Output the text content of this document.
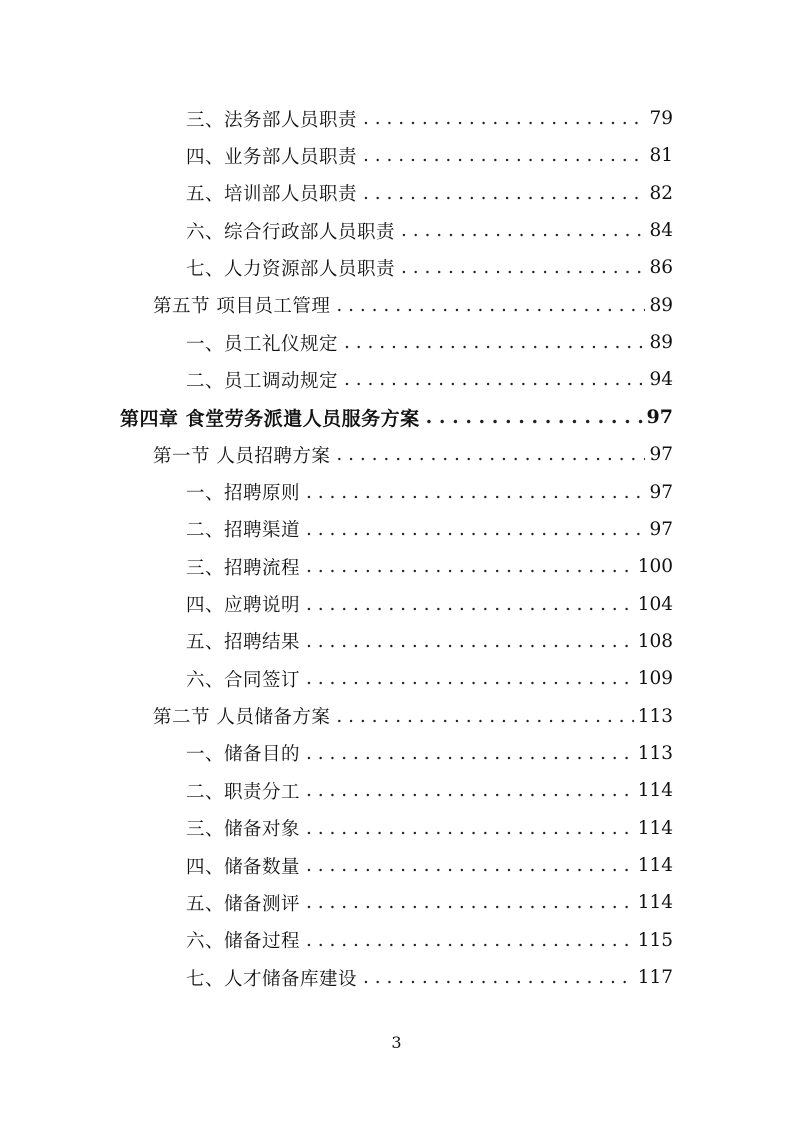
三、法务部人员职责 . . .	79
四、业务部人员职责 . . .	81
五、培训部人员职责 . . .	82
六、综合行政部人员职责 . . .	84
七、人力资源部人员职责 . . .	86
第五节 项目员工管理 . . .	89
一、员工礼仪规定 . . .	89
二、员工调动规定 . . .	94
第四章 食堂劳务派遣人员服务方案 . . .	97
第一节 人员招聘方案 . . .	97
一、招聘原则 . . .	97
二、招聘渠道 . . .	97
三、招聘流程 . . .	100
四、应聘说明 . . .	104
五、招聘结果 . . .	108
六、合同签订 . . .	109
第二节 人员储备方案 . . .	113
一、储备目的 . . .	113
二、职责分工 . . .	114
三、储备对象 . . .	114
四、储备数量 . . .	114
五、储备测评 . . .	114
六、储备过程 . . .	115
七、人才储备库建设 . . .	117
3
